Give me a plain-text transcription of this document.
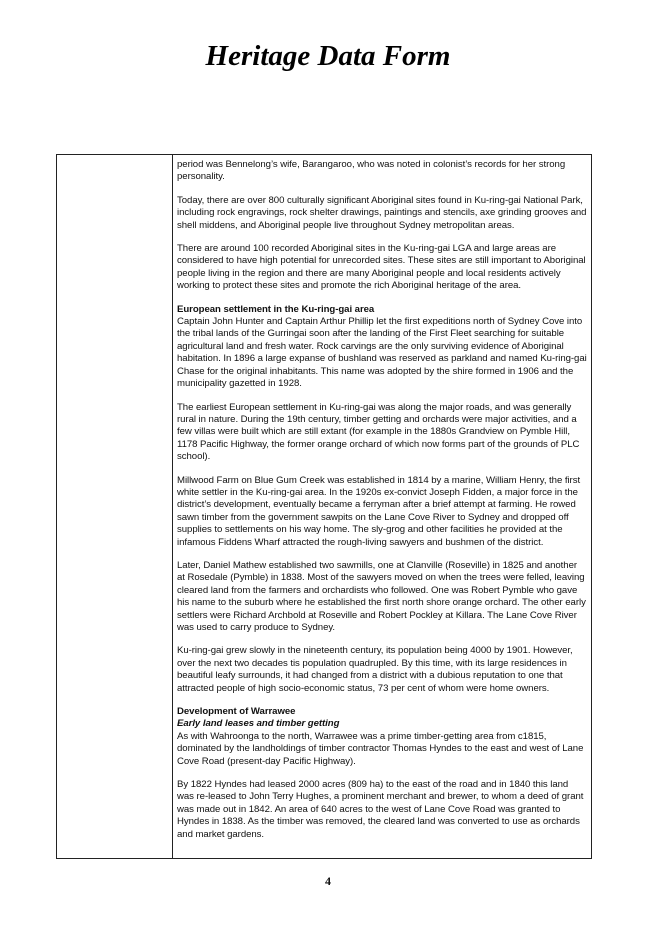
Heritage Data Form

period was Bennelong’s wife, Barangaroo, who was noted in colonist’s records for her strong personality.

Today, there are over 800 culturally significant Aboriginal sites found in Ku-ring-gai National Park, including rock engravings, rock shelter drawings, paintings and stencils, axe grinding grooves and shell middens, and Aboriginal people live throughout Sydney metropolitan areas.

There are around 100 recorded Aboriginal sites in the Ku-ring-gai LGA and large areas are considered to have high potential for unrecorded sites. These sites are still important to Aboriginal people living in the region and there are many Aboriginal people and local residents actively working to protect these sites and promote the rich Aboriginal heritage of the area.

European settlement in the Ku-ring-gai area

Captain John Hunter and Captain Arthur Phillip let the first expeditions north of Sydney Cove into the tribal lands of the Gurringai soon after the landing of the First Fleet searching for suitable agricultural land and fresh water. Rock carvings are the only surviving evidence of Aboriginal habitation. In 1896 a large expanse of bushland was reserved as parkland and named Ku-ring-gai Chase for the original inhabitants. This name was adopted by the shire formed in 1906 and the municipality gazetted in 1928.

The earliest European settlement in Ku-ring-gai was along the major roads, and was generally rural in nature. During the 19th century, timber getting and orchards were major activities, and a few villas were built which are still extant (for example in the 1880s Grandview on Pymble Hill, 1178 Pacific Highway, the former orange orchard of which now forms part of the grounds of PLC school).

Millwood Farm on Blue Gum Creek was established in 1814 by a marine, William Henry, the first white settler in the Ku-ring-gai area. In the 1920s ex-convict Joseph Fidden, a major force in the district’s development, eventually became a ferryman after a brief attempt at farming. He rowed sawn timber from the government sawpits on the Lane Cove River to Sydney and dropped off supplies to settlements on his way home. The sly-grog and other facilities he provided at the infamous Fiddens Wharf attracted the rough-living sawyers and bushmen of the district.

Later, Daniel Mathew established two sawmills, one at Clanville (Roseville) in 1825 and another at Rosedale (Pymble) in 1838. Most of the sawyers moved on when the trees were felled, leaving cleared land from the farmers and orchardists who followed. One was Robert Pymble who gave his name to the suburb where he established the first north shore orange orchard. The other early settlers were Richard Archbold at Roseville and Robert Pockley at Killara. The Lane Cove River was used to carry produce to Sydney.

Ku-ring-gai grew slowly in the nineteenth century, its population being 4000 by 1901. However, over the next two decades tis population quadrupled. By this time, with its large residences in beautiful leafy surrounds, it had changed from a district with a dubious reputation to one that attracted people of high socio-economic status, 73 per cent of whom were home owners.

Development of Warrawee

Early land leases and timber getting

As with Wahroonga to the north, Warrawee was a prime timber-getting area from c1815, dominated by the landholdings of timber contractor Thomas Hyndes to the east and west of Lane Cove Road (present-day Pacific Highway).

By 1822 Hyndes had leased 2000 acres (809 ha) to the east of the road and in 1840 this land was re-leased to John Terry Hughes, a prominent merchant and brewer, to whom a deed of grant was made out in 1842. An area of 640 acres to the west of Lane Cove Road was granted to Hyndes in 1838. As the timber was removed, the cleared land was converted to use as orchards and market gardens.

4
